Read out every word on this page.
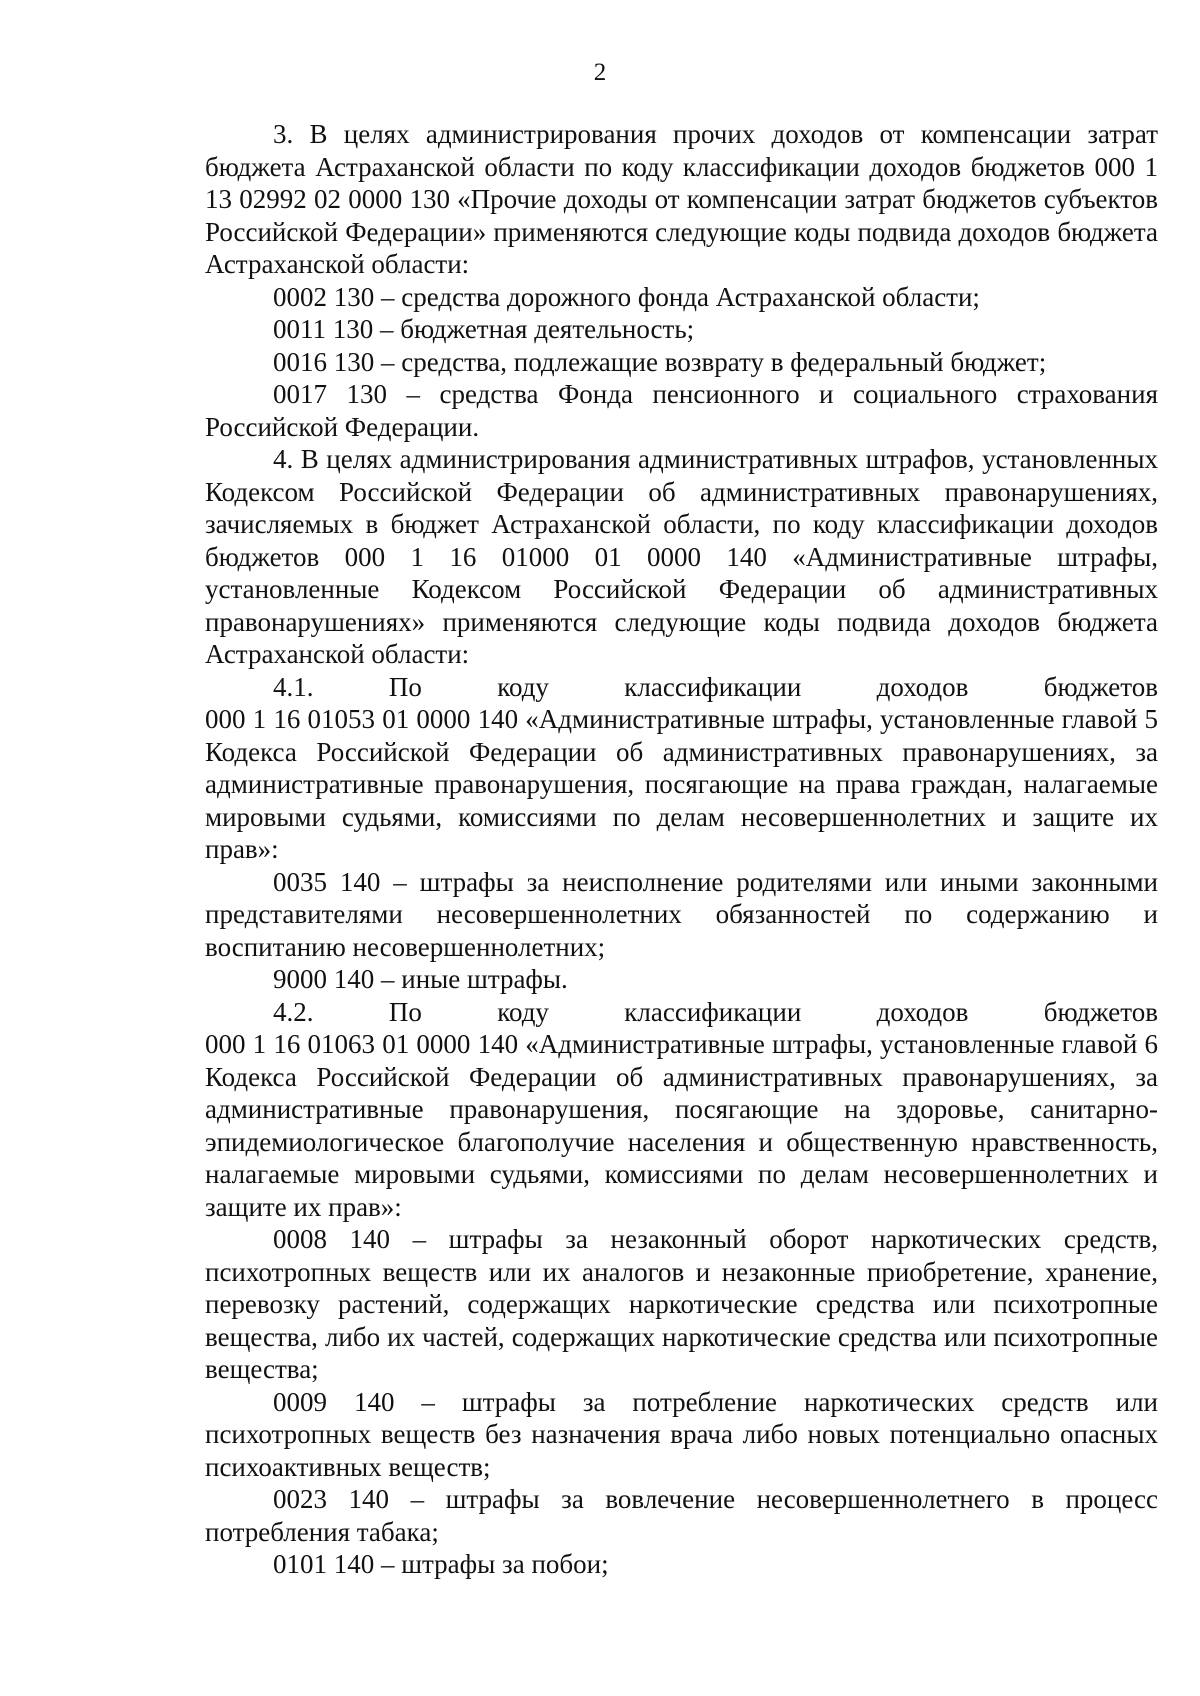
2

3. В целях администрирования прочих доходов от компенсации затрат бюджета Астраханской области по коду классификации доходов бюджетов 000 1 13 02992 02 0000 130 «Прочие доходы от компенсации затрат бюджетов субъектов Российской Федерации» применяются следующие коды подвида доходов бюджета Астраханской области:

0002 130 – средства дорожного фонда Астраханской области;

0011 130 – бюджетная деятельность;

0016 130 – средства, подлежащие возврату в федеральный бюджет;

0017 130 – средства Фонда пенсионного и социального страхования Российской Федерации.

4. В целях администрирования административных штрафов, установленных Кодексом Российской Федерации об административных правонарушениях, зачисляемых в бюджет Астраханской области, по коду классификации доходов бюджетов 000 1 16 01000 01 0000 140 «Административные штрафы, установленные Кодексом Российской Федерации об административных правонарушениях» применяются следующие коды подвида доходов бюджета Астраханской области:

4.1. По коду классификации доходов бюджетов

000 1 16 01053 01 0000 140 «Административные штрафы, установленные главой 5 Кодекса Российской Федерации об административных правонарушениях, за административные правонарушения, посягающие на права граждан, налагаемые мировыми судьями, комиссиями по делам несовершеннолетних и защите их прав»:

0035 140 – штрафы за неисполнение родителями или иными законными представителями несовершеннолетних обязанностей по содержанию и воспитанию несовершеннолетних;

9000 140 – иные штрафы.

4.2. По коду классификации доходов бюджетов

000 1 16 01063 01 0000 140 «Административные штрафы, установленные главой 6 Кодекса Российской Федерации об административных правонарушениях, за административные правонарушения, посягающие на здоровье, санитарно-эпидемиологическое благополучие населения и общественную нравственность, налагаемые мировыми судьями, комиссиями по делам несовершеннолетних и защите их прав»:

0008 140 – штрафы за незаконный оборот наркотических средств, психотропных веществ или их аналогов и незаконные приобретение, хранение, перевозку растений, содержащих наркотические средства или психотропные вещества, либо их частей, содержащих наркотические средства или психотропные вещества;

0009 140 – штрафы за потребление наркотических средств или психотропных веществ без назначения врача либо новых потенциально опасных психоактивных веществ;

0023 140 – штрафы за вовлечение несовершеннолетнего в процесс потребления табака;

0101 140 – штрафы за побои;
